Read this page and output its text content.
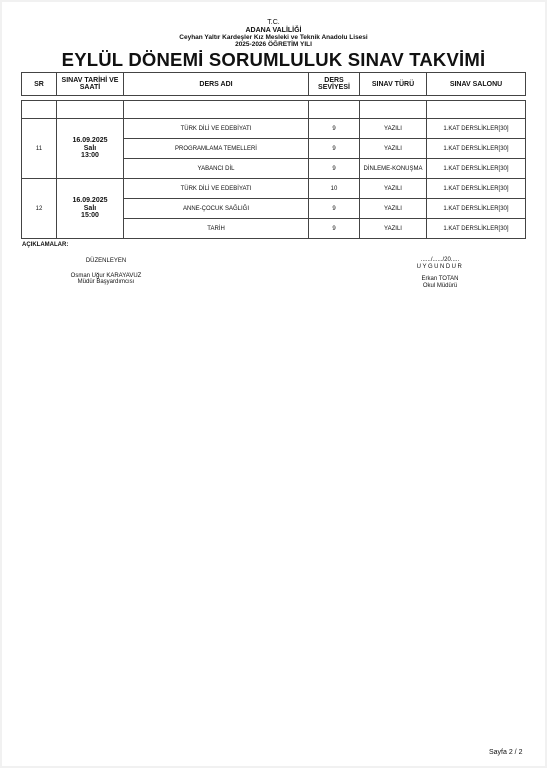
T.C.
ADANA VALİLİĞİ
Ceyhan Yaltır Kardeşler Kız Mesleki ve Teknik Anadolu Lisesi
2025-2026 ÖĞRETİM YILI
EYLÜL DÖNEMİ SORUMLULUK SINAV TAKVİMİ
SR	SINAV TARİHİ VE SAATİ	DERS ADI	DERS SEVİYESİ	SINAV TÜRÜ	SINAV SALONU

11	16.09.2025
Salı
13:00	TÜRK DİLİ VE EDEBİYATI	9	YAZILI	1.KAT DERSLİKLER[30]
		PROGRAMLAMA TEMELLERİ	9	YAZILI	1.KAT DERSLİKLER[30]
		YABANCI DİL	9	DİNLEME-KONUŞMA	1.KAT DERSLİKLER[30]
12	16.09.2025
Salı
15:00	TÜRK DİLİ VE EDEBİYATI	10	YAZILI	1.KAT DERSLİKLER[30]
		ANNE-ÇOCUK SAĞLIĞI	9	YAZILI	1.KAT DERSLİKLER[30]
		TARİH	9	YAZILI	1.KAT DERSLİKLER[30]
AÇIKLAMALAR:
DÜZENLEYEN
Osman Uğur KARAYAVUZ
Müdür Başyardımcısı
....../....../20.....
UYGUNDUR
Erkan TOTAN
Okul Müdürü
Sayfa 2 / 2
